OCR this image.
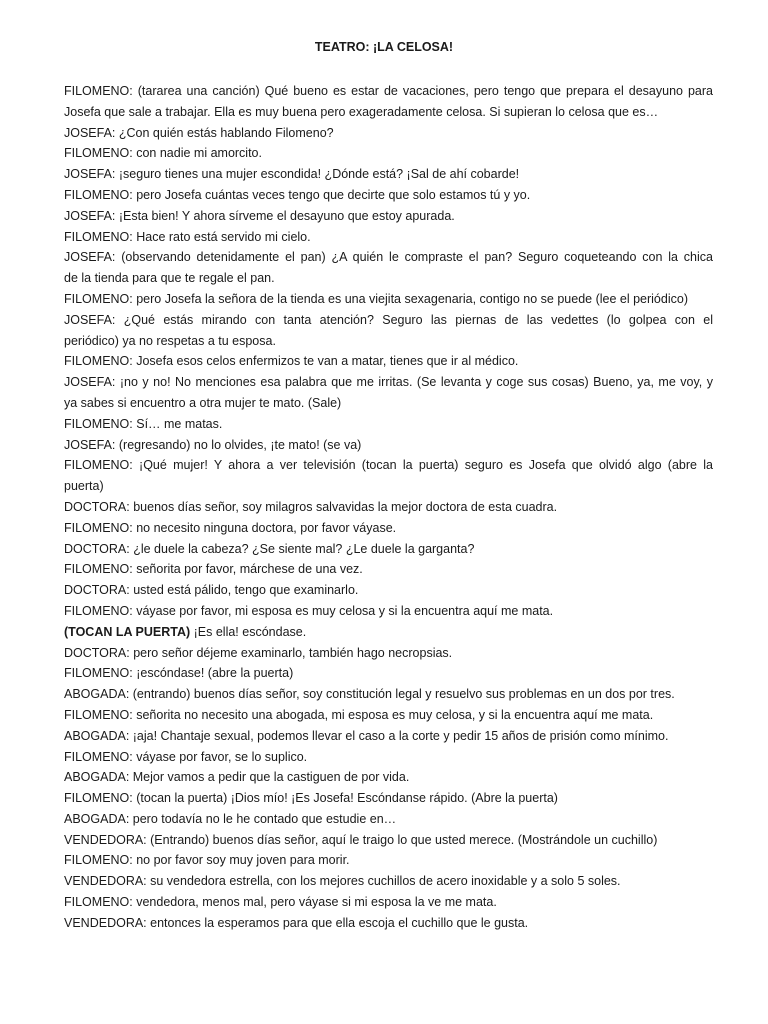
TEATRO: ¡LA CELOSA!
FILOMENO: (tararea una canción) Qué bueno es estar de vacaciones, pero tengo que prepara el desayuno para
Josefa que sale a trabajar. Ella es muy buena pero exageradamente celosa. Si supieran lo celosa que es…
JOSEFA: ¿Con quién estás hablando Filomeno?
FILOMENO: con nadie mi amorcito.
JOSEFA: ¡seguro tienes una mujer escondida! ¿Dónde está? ¡Sal de ahí cobarde!
FILOMENO: pero Josefa cuántas veces tengo que decirte que solo estamos tú y yo.
JOSEFA: ¡Esta bien! Y ahora sírveme el desayuno que estoy apurada.
FILOMENO: Hace rato está servido mi cielo.
JOSEFA: (observando detenidamente el pan) ¿A quién le compraste el pan? Seguro coqueteando con la chica
de la tienda para que te regale el pan.
FILOMENO: pero Josefa la señora de la tienda es una viejita sexagenaria, contigo no se puede (lee el periódico)
JOSEFA: ¿Qué estás mirando con tanta atención? Seguro las piernas de las vedettes (lo golpea con el
periódico) ya no respetas a tu esposa.
FILOMENO: Josefa esos celos enfermizos te van a matar, tienes que ir al médico.
JOSEFA: ¡no y no! No menciones esa palabra que me irritas. (Se levanta y coge sus cosas) Bueno, ya, me voy, y
ya sabes si encuentro a otra mujer te mato. (Sale)
FILOMENO: Sí… me matas.
JOSEFA: (regresando) no lo olvides, ¡te mato! (se va)
FILOMENO: ¡Qué mujer! Y ahora a ver televisión (tocan la puerta) seguro es Josefa que olvidó algo (abre la
puerta)
DOCTORA: buenos días señor, soy milagros salvavidas la mejor doctora de esta cuadra.
FILOMENO: no necesito ninguna doctora, por favor váyase.
DOCTORA: ¿le duele la cabeza? ¿Se siente mal? ¿Le duele la garganta?
FILOMENO: señorita por favor, márchese de una vez.
DOCTORA: usted está pálido, tengo que examinarlo.
FILOMENO: váyase por favor, mi esposa es muy celosa y si la encuentra aquí me mata.
(TOCAN LA PUERTA) ¡Es ella! escóndase.
DOCTORA: pero señor déjeme examinarlo, también hago necropsias.
FILOMENO: ¡escóndase! (abre la puerta)
ABOGADA: (entrando) buenos días señor, soy constitución legal y resuelvo sus problemas en un dos por tres.
FILOMENO: señorita no necesito una abogada, mi esposa es muy celosa, y si la encuentra aquí me mata.
ABOGADA: ¡aja! Chantaje sexual, podemos llevar el caso a la corte y pedir 15 años de prisión como mínimo.
FILOMENO: váyase por favor, se lo suplico.
ABOGADA: Mejor vamos a pedir que la castiguen de por vida.
FILOMENO: (tocan la puerta) ¡Dios mío! ¡Es Josefa! Escóndanse rápido. (Abre la puerta)
ABOGADA: pero todavía no le he contado que estudie en…
VENDEDORA: (Entrando) buenos días señor, aquí le traigo lo que usted merece. (Mostrándole un cuchillo)
FILOMENO: no por favor soy muy joven para morir.
VENDEDORA: su vendedora estrella, con los mejores cuchillos de acero inoxidable y a solo 5 soles.
FILOMENO: vendedora, menos mal, pero váyase si mi esposa la ve me mata.
VENDEDORA: entonces la esperamos para que ella escoja el cuchillo que le gusta.
